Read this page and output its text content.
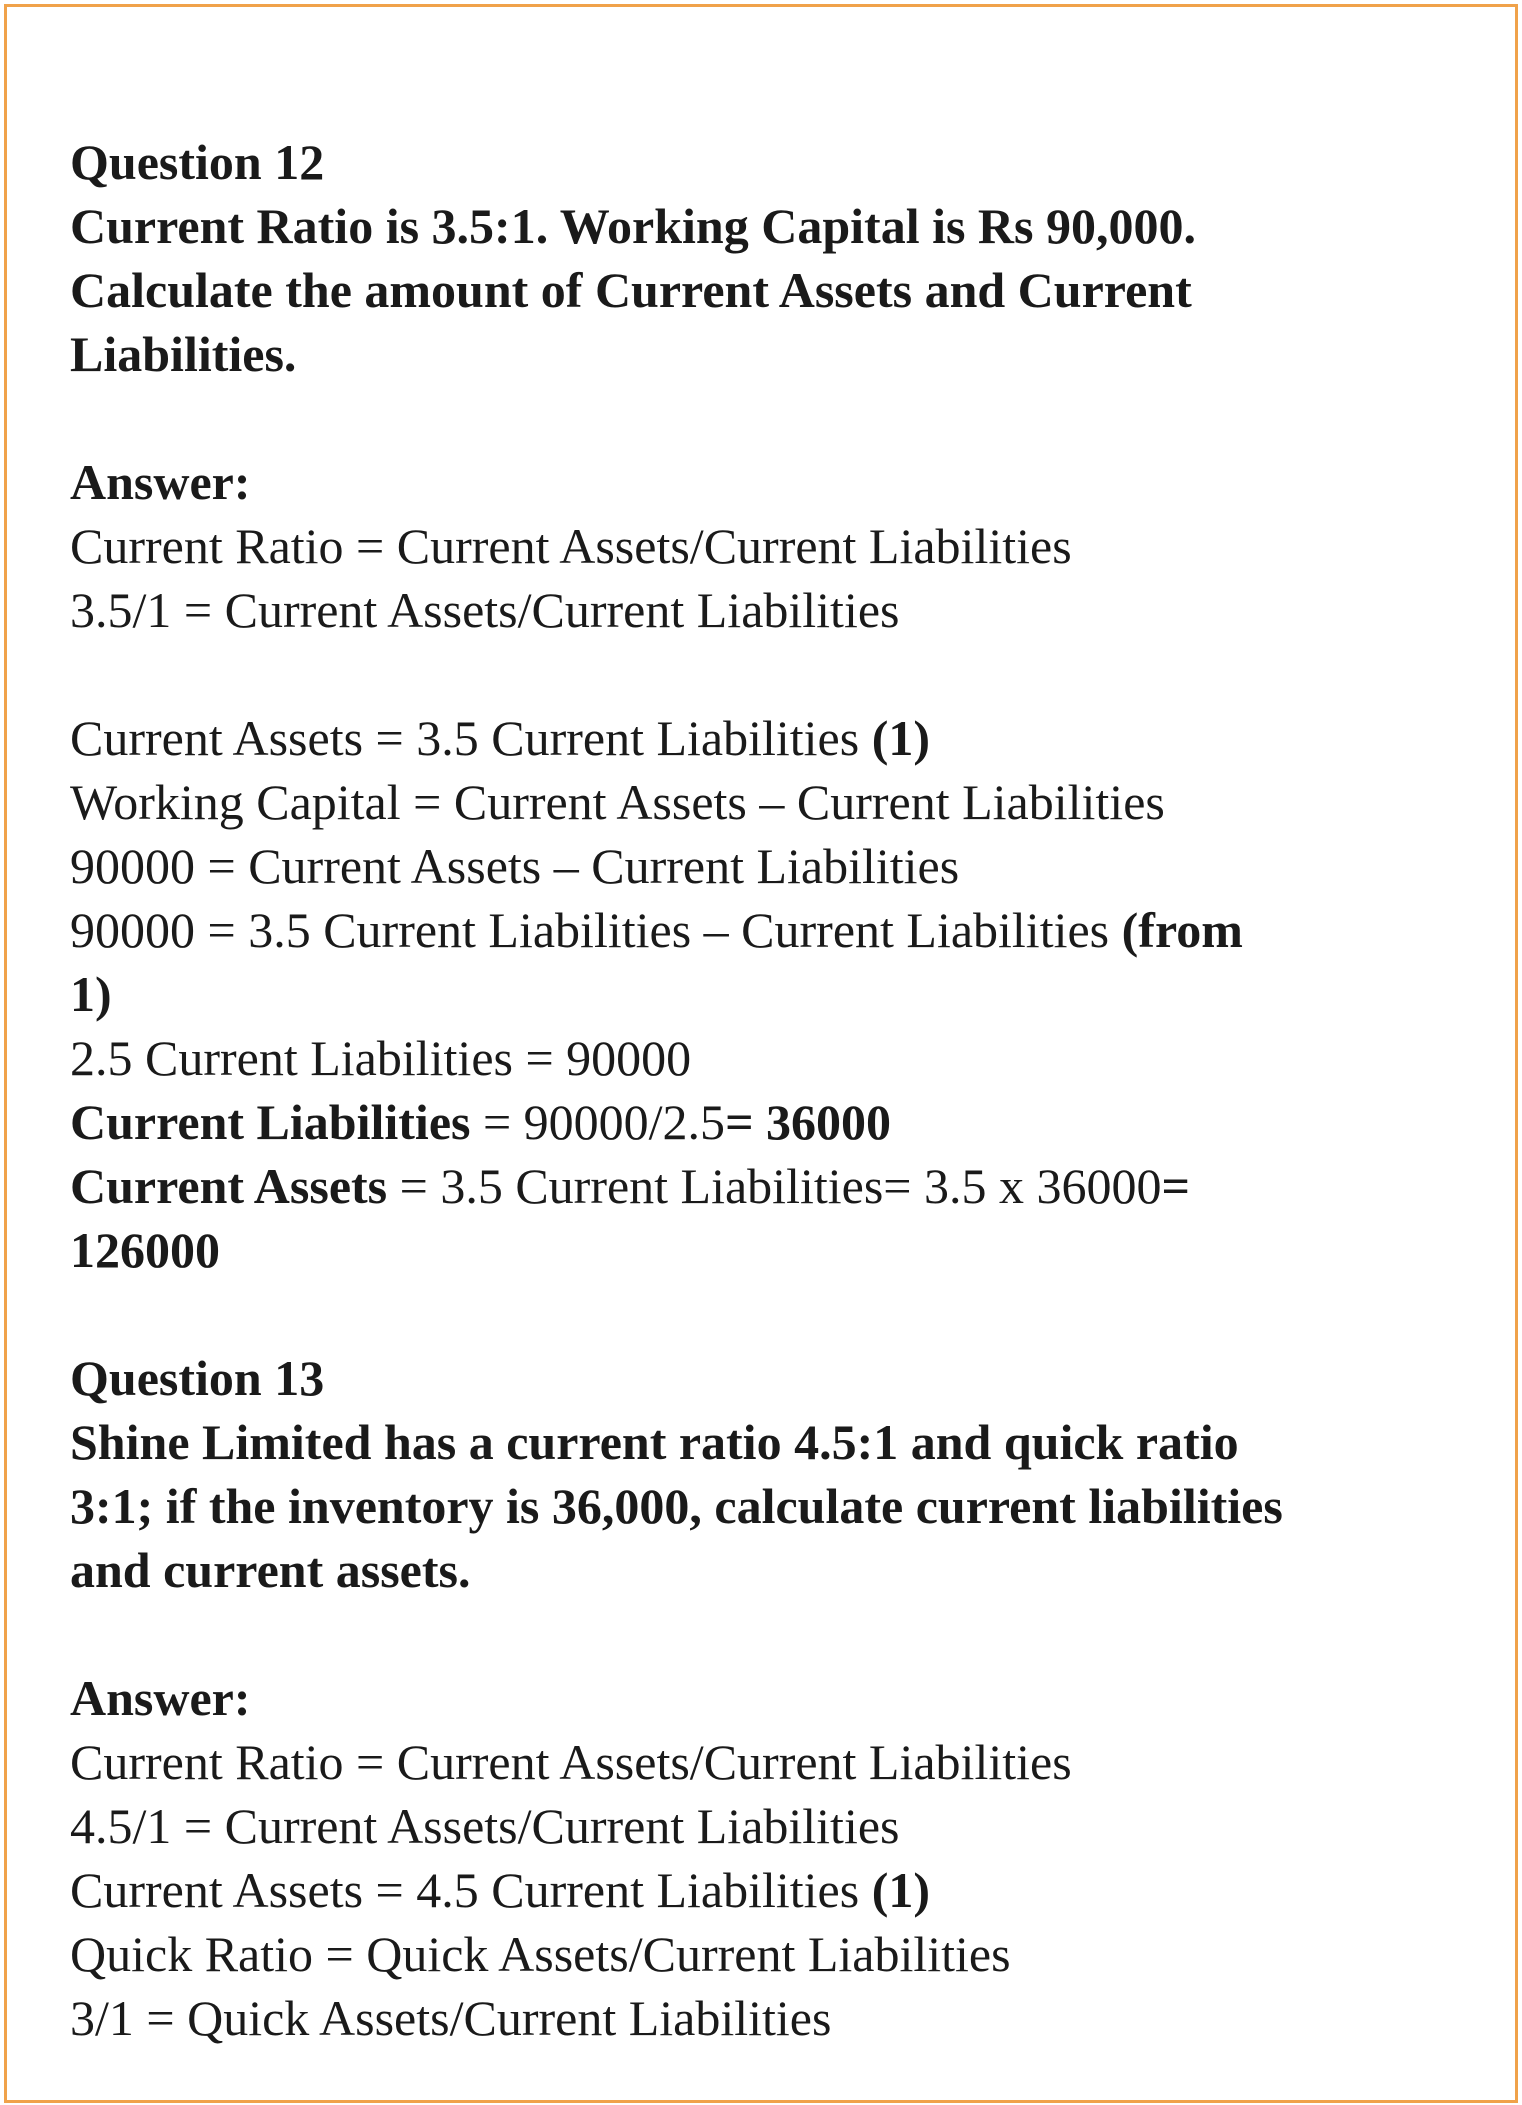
Question 12

Current Ratio is 3.5:1. Working Capital is Rs 90,000.

Calculate the amount of Current Assets and Current

Liabilities.

Answer:

Current Ratio = Current Assets/Current Liabilities

3.5/1 = Current Assets/Current Liabilities

Current Assets = 3.5 Current Liabilities (1)

Working Capital = Current Assets – Current Liabilities

90000 = Current Assets – Current Liabilities

90000 = 3.5 Current Liabilities – Current Liabilities (from

1)

2.5 Current Liabilities = 90000

Current Liabilities = 90000/2.5= 36000

Current Assets = 3.5 Current Liabilities= 3.5 x 36000=

126000

Question 13

Shine Limited has a current ratio 4.5:1 and quick ratio

3:1; if the inventory is 36,000, calculate current liabilities

and current assets.

Answer:

Current Ratio = Current Assets/Current Liabilities

4.5/1 = Current Assets/Current Liabilities

Current Assets = 4.5 Current Liabilities (1)

Quick Ratio = Quick Assets/Current Liabilities

3/1 = Quick Assets/Current Liabilities
